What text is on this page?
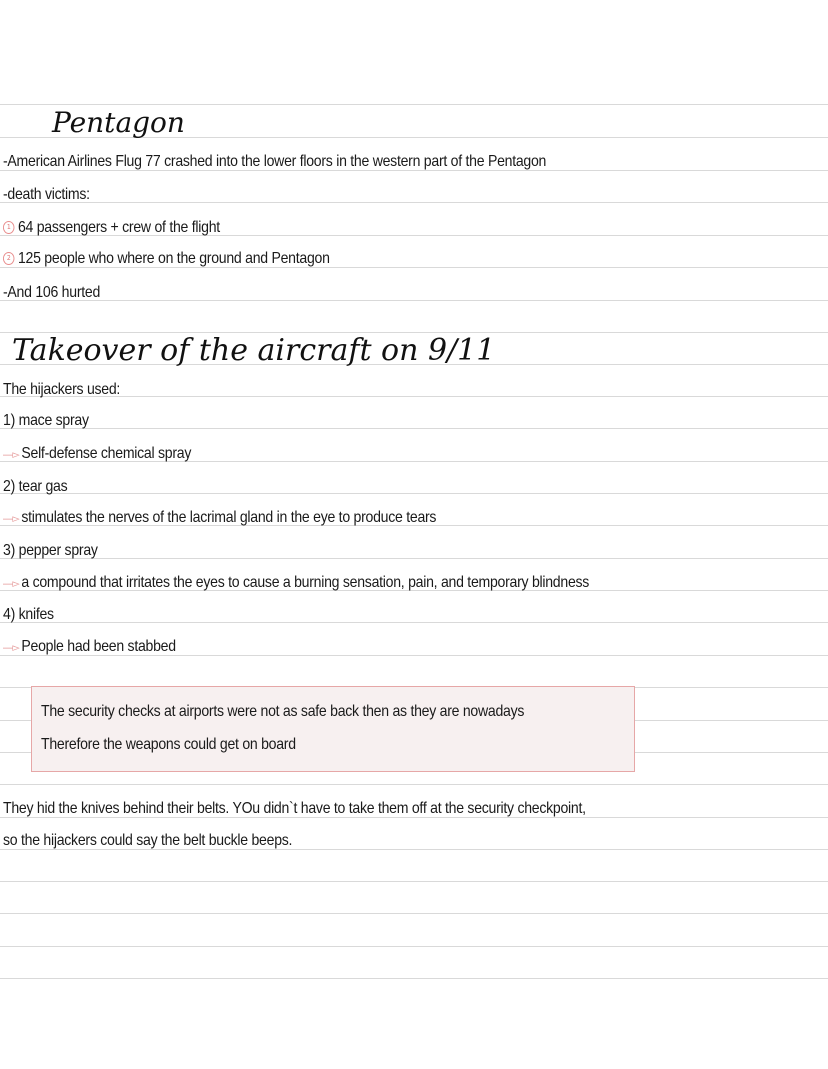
Pentagon
-American Airlines Flug 77 crashed into the lower floors in the western part of the Pentagon
-death victims:
1 64 passengers + crew of the flight
2 125 people who where on the ground and Pentagon
-And 106 hurted
Takeover of the aircraft on 9/11
The hijackers used:
1) mace spray
—▻ Self-defense chemical spray
2) tear gas
—▻ stimulates the nerves of the lacrimal gland in the eye to produce tears
3) pepper spray
—▻ a compound that irritates the eyes to cause a burning sensation, pain, and temporary blindness
4) knifes
—▻ People had been stabbed
The security checks at airports were not as safe back then as they are nowadays
Therefore the weapons could get on board
They hid the knives behind their belts. YOu didn`t have to take them off at the security checkpoint,
so the hijackers could say the belt buckle beeps.
